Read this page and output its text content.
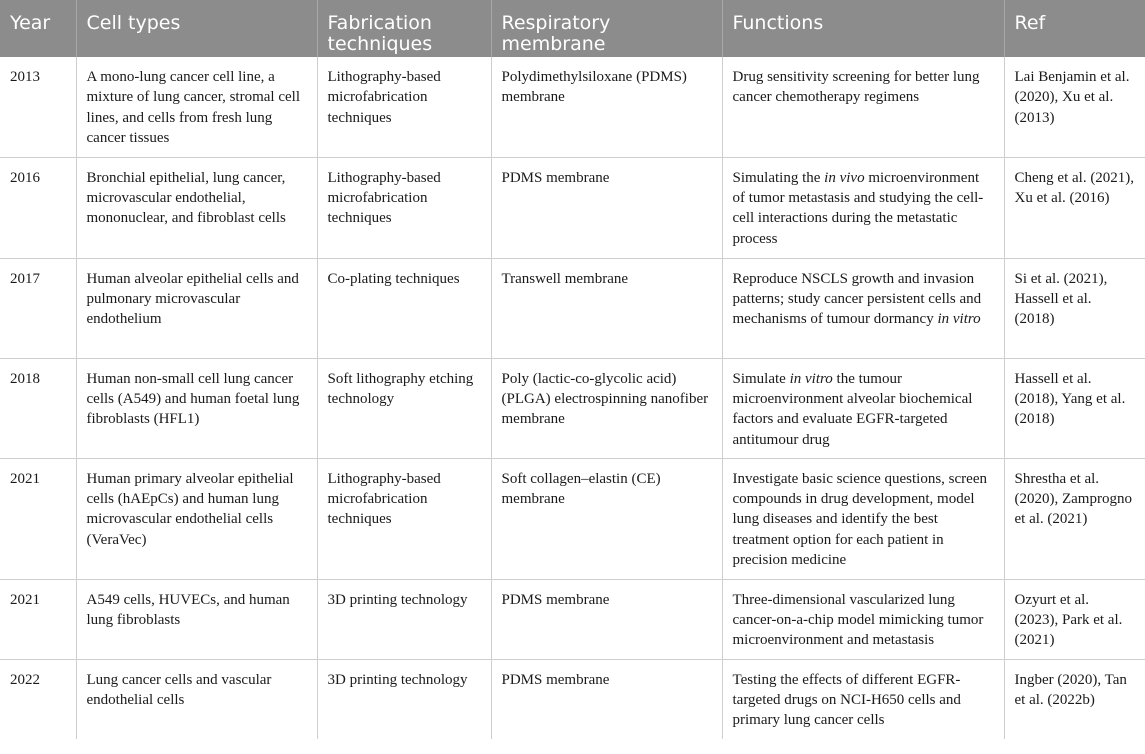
Year	Cell types	Fabrication techniques	Respiratory membrane	Functions	Ref
2013	A mono-lung cancer cell line, a mixture of lung cancer, stromal cell lines, and cells from fresh lung cancer tissues	Lithography-based microfabrication techniques	Polydimethylsiloxane (PDMS) membrane	Drug sensitivity screening for better lung cancer chemotherapy regimens	Lai Benjamin et al. (2020), Xu et al. (2013)
2016	Bronchial epithelial, lung cancer, microvascular endothelial, mononuclear, and fibroblast cells	Lithography-based microfabrication techniques	PDMS membrane	Simulating the in vivo microenvironment of tumor metastasis and studying the cell-cell interactions during the metastatic process	Cheng et al. (2021), Xu et al. (2016)
2017	Human alveolar epithelial cells and pulmonary microvascular endothelium	Co-plating techniques	Transwell membrane	Reproduce NSCLS growth and invasion patterns; study cancer persistent cells and mechanisms of tumour dormancy in vitro	Si et al. (2021), Hassell et al. (2018)
2018	Human non-small cell lung cancer cells (A549) and human foetal lung fibroblasts (HFL1)	Soft lithography etching technology	Poly (lactic-co-glycolic acid) (PLGA) electrospinning nanofiber membrane	Simulate in vitro the tumour microenvironment alveolar biochemical factors and evaluate EGFR-targeted antitumour drug	Hassell et al. (2018), Yang et al. (2018)
2021	Human primary alveolar epithelial cells (hAEpCs) and human lung microvascular endothelial cells (VeraVec)	Lithography-based microfabrication techniques	Soft collagen–elastin (CE) membrane	Investigate basic science questions, screen compounds in drug development, model lung diseases and identify the best treatment option for each patient in precision medicine	Shrestha et al. (2020), Zamprogno et al. (2021)
2021	A549 cells, HUVECs, and human lung fibroblasts	3D printing technology	PDMS membrane	Three-dimensional vascularized lung cancer-on-a-chip model mimicking tumor microenvironment and metastasis	Ozyurt et al. (2023), Park et al. (2021)
2022	Lung cancer cells and vascular endothelial cells	3D printing technology	PDMS membrane	Testing the effects of different EGFR-targeted drugs on NCI-H650 cells and primary lung cancer cells	Ingber (2020), Tan et al. (2022b)
